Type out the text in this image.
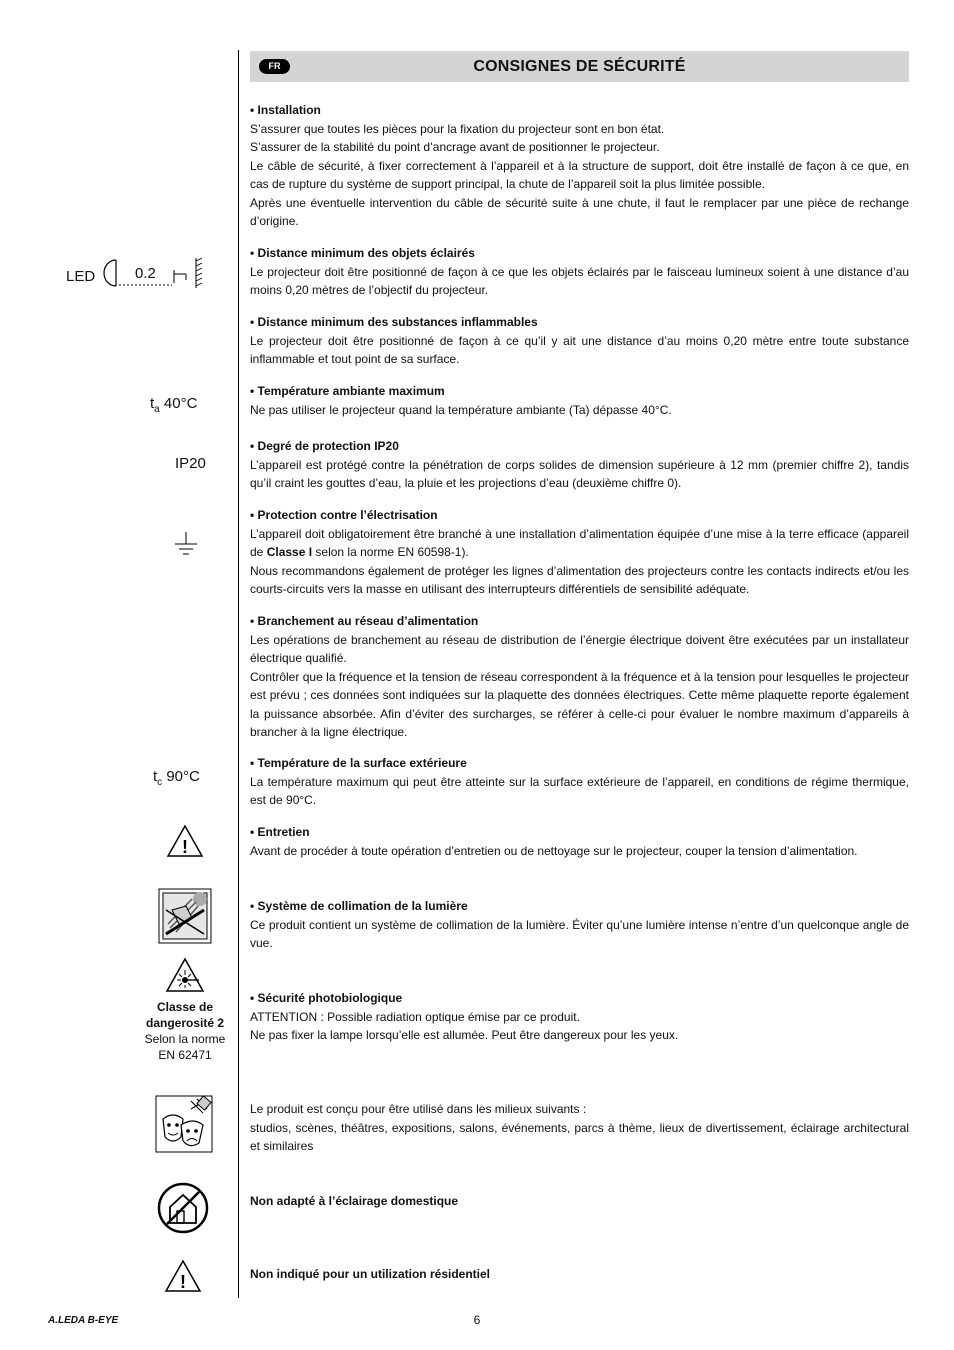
FR	CONSIGNES DE SÉCURITÉ
• Installation

S’assurer que toutes les pièces pour la fixation du projecteur sont en bon état.

S’assurer de la stabilité du point d’ancrage avant de positionner le projecteur.

Le câble de sécurité, à fixer correctement à l’appareil et à la structure de support, doit être installé de façon à ce que, en cas de rupture du système de support principal, la chute de l’appareil soit la plus limitée possible.

Après une éventuelle intervention du câble de sécurité suite à une chute, il faut le remplacer par une pièce de rechange d’origine.

• Distance minimum des objets éclairés

Le projecteur doit être positionné de façon à ce que les objets éclairés par le faisceau lumineux soient à une distance d’au moins 0,20 mètres de l’objectif du projecteur.

• Distance minimum des substances inflammables

Le projecteur doit être positionné de façon à ce qu’il y ait une distance d’au moins 0,20 mètre entre toute substance inflammable et tout point de sa surface.

• Température ambiante maximum

Ne pas utiliser le projecteur quand la température ambiante (Ta) dépasse 40°C.

• Degré de protection IP20

L’appareil est protégé contre la pénétration de corps solides de dimension supérieure à 12 mm (premier chiffre 2), tandis qu’il craint les gouttes d’eau, la pluie et les projections d’eau (deuxième chiffre 0).

• Protection contre l’électrisation

L’appareil doit obligatoirement être branché à une installation d’alimentation équipée d’une mise à la terre efficace (appareil de Classe I selon la norme EN 60598-1).

Nous recommandons également de protéger les lignes d’alimentation des projecteurs contre les contacts indirects et/ou les courts-circuits vers la masse en utilisant des interrupteurs différentiels de sensibilité adéquate.

• Branchement au réseau d’alimentation

Les opérations de branchement au réseau de distribution de l’énergie électrique doivent être exécutées par un installateur électrique qualifié.

Contrôler que la fréquence et la tension de réseau correspondent à la fréquence et à la tension pour lesquelles le projecteur est prévu ; ces données sont indiquées sur la plaquette des données électriques. Cette même plaquette reporte également la puissance absorbée. Afin d’éviter des surcharges, se référer à celle-ci pour évaluer le nombre maximum d’appareils à brancher à la ligne électrique.

• Température de la surface extérieure

La température maximum qui peut être atteinte sur la surface extérieure de l’appareil, en conditions de régime thermique, est de 90°C.

• Entretien

Avant de procéder à toute opération d’entretien ou de nettoyage sur le projecteur, couper la tension d’alimentation.

• Système de collimation de la lumière

Ce produit contient un système de collimation de la lumière. Éviter qu’une lumière intense n’entre d’un quelconque angle de vue.

• Sécurité photobiologique

ATTENTION : Possible radiation optique émise par ce produit.

Ne pas fixer la lampe lorsqu’elle est allumée. Peut être dangereux pour les yeux.

Le produit est conçu pour être utilisé dans les milieux suivants :

studios, scènes, théâtres, expositions, salons, événements, parcs à thème, lieux de divertissement, éclairage architectural et similaires

Non adapté à l’éclairage domestique
Non indiqué pour un utilization résidentiel
LED	0.2
$t_a$ 40°C
IP20
$t_c$ 90°C
!
Classe de
dangerosité 2
Selon la norme
EN 62471
!
A.LEDA B-EYE	6
